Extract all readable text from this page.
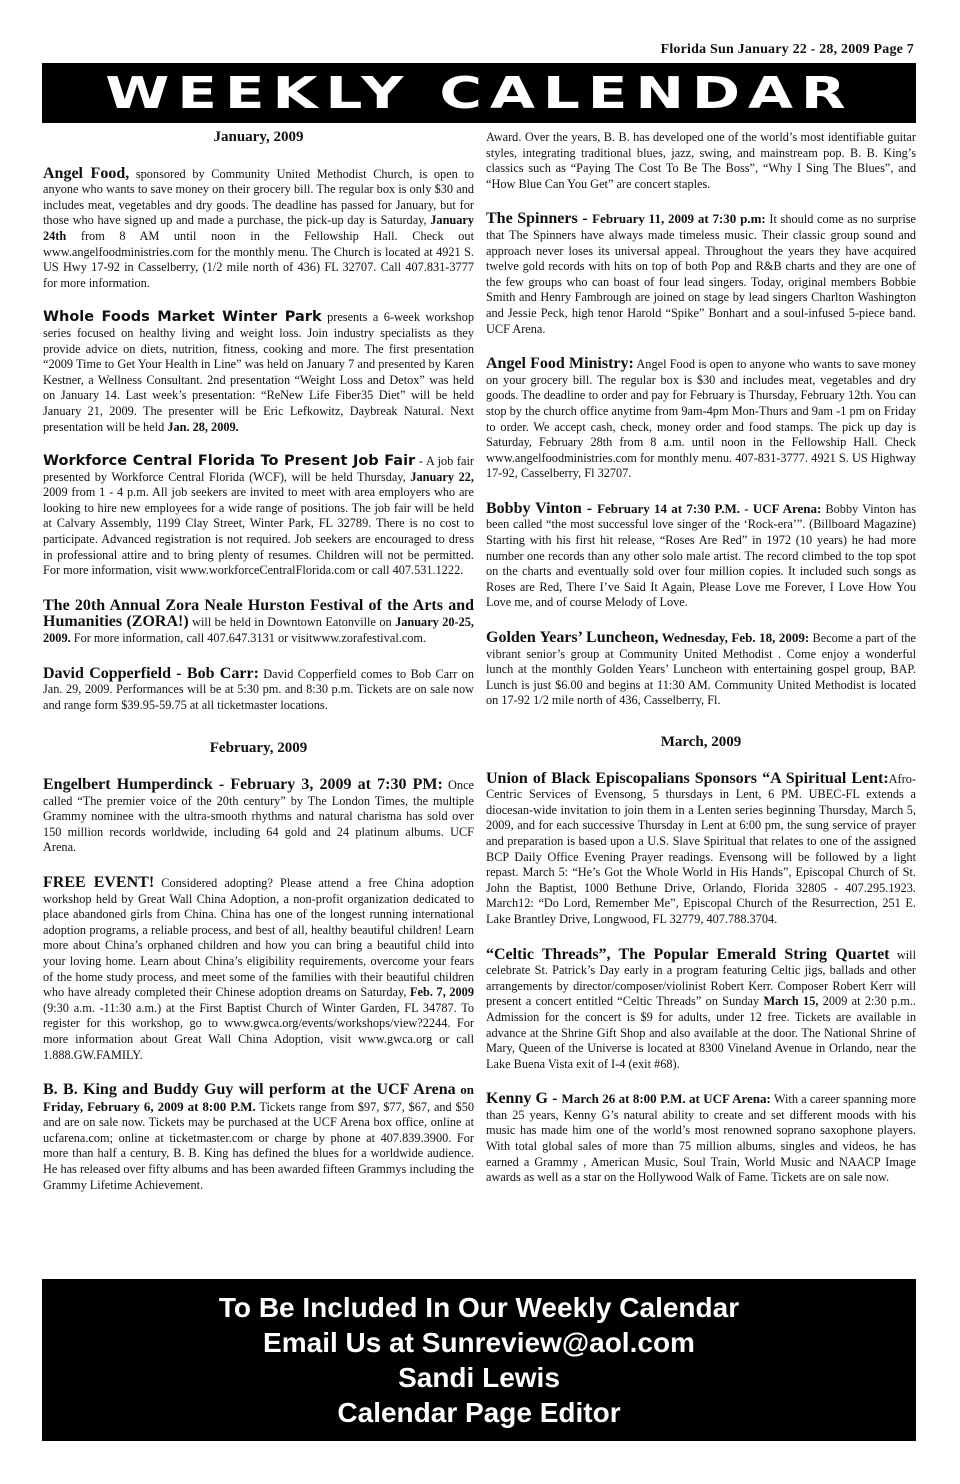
Florida Sun January 22 - 28, 2009 Page 7
WEEKLY CALENDAR
January, 2009

Angel Food, sponsored by Community United Methodist Church, is open to anyone who wants to save money on their grocery bill. The regular box is only $30 and includes meat, vegetables and dry goods. The deadline has passed for January, but for those who have signed up and made a purchase, the pick-up day is Saturday, January 24th from 8 AM until noon in the Fellowship Hall. Check out www.angelfoodministries.com for the monthly menu. The Church is located at 4921 S. US Hwy 17-92 in Casselberry, (1/2 mile north of 436) FL 32707. Call 407.831-3777 for more information.

Whole Foods Market Winter Park presents a 6-week workshop series focused on healthy living and weight loss. Join industry specialists as they provide advice on diets, nutrition, fitness, cooking and more. The first presentation “2009 Time to Get Your Health in Line” was held on January 7 and presented by Karen Kestner, a Wellness Consultant. 2nd presentation “Weight Loss and Detox” was held on January 14. Last week’s presentation: “ReNew Life Fiber35 Diet” will be held January 21, 2009. The presenter will be Eric Lefkowitz, Daybreak Natural. Next presentation will be held Jan. 28, 2009.

Workforce Central Florida To Present Job Fair - A job fair presented by Workforce Central Florida (WCF), will be held Thursday, January 22, 2009 from 1 - 4 p.m. All job seekers are invited to meet with area employers who are looking to hire new employees for a wide range of positions. The job fair will be held at Calvary Assembly, 1199 Clay Street, Winter Park, FL 32789. There is no cost to participate. Advanced registration is not required. Job seekers are encouraged to dress in professional attire and to bring plenty of resumes. Children will not be permitted. For more information, visit www.workforceCentralFlorida.com or call 407.531.1222.

The 20th Annual Zora Neale Hurston Festival of the Arts and Humanities (ZORA!) will be held in Downtown Eatonville on January 20-25, 2009. For more information, call 407.647.3131 or visitwww.zorafestival.com.

David Copperfield - Bob Carr: David Copperfield comes to Bob Carr on Jan. 29, 2009. Performances will be at 5:30 pm. and 8:30 p.m. Tickets are on sale now and range form $39.95-59.75 at all ticketmaster locations.

February, 2009

Engelbert Humperdinck - February 3, 2009 at 7:30 PM: Once called “The premier voice of the 20th century” by The London Times, the multiple Grammy nominee with the ultra-smooth rhythms and natural charisma has sold over 150 million records worldwide, including 64 gold and 24 platinum albums. UCF Arena.

FREE EVENT! Considered adopting? Please attend a free China adoption workshop held by Great Wall China Adoption, a non-profit organization dedicated to place abandoned girls from China. China has one of the longest running international adoption programs, a reliable process, and best of all, healthy beautiful children! Learn more about China’s orphaned children and how you can bring a beautiful child into your loving home. Learn about China’s eligibility requirements, overcome your fears of the home study process, and meet some of the families with their beautiful children who have already completed their Chinese adoption dreams on Saturday, Feb. 7, 2009 (9:30 a.m. -11:30 a.m.) at the First Baptist Church of Winter Garden, FL 34787. To register for this workshop, go to www.gwca.org/events/workshops/view?2244. For more information about Great Wall China Adoption, visit www.gwca.org or call 1.888.GW.FAMILY.

B. B. King and Buddy Guy will perform at the UCF Arena on Friday, February 6, 2009 at 8:00 P.M. Tickets range from $97, $77, $67, and $50 and are on sale now. Tickets may be purchased at the UCF Arena box office, online at ucfarena.com; online at ticketmaster.com or charge by phone at 407.839.3900. For more than half a century, B. B. King has defined the blues for a worldwide audience. He has released over fifty albums and has been awarded fifteen Grammys including the Grammy Lifetime Achievement.

Award. Over the years, B. B. has developed one of the world’s most identifiable guitar styles, integrating traditional blues, jazz, swing, and mainstream pop. B. B. King’s classics such as “Paying The Cost To Be The Boss”, “Why I Sing The Blues”, and “How Blue Can You Get” are concert staples.

The Spinners - February 11, 2009 at 7:30 p.m: It should come as no surprise that The Spinners have always made timeless music. Their classic group sound and approach never loses its universal appeal. Throughout the years they have acquired twelve gold records with hits on top of both Pop and R&B charts and they are one of the few groups who can boast of four lead singers. Today, original members Bobbie Smith and Henry Fambrough are joined on stage by lead singers Charlton Washington and Jessie Peck, high tenor Harold “Spike” Bonhart and a soul-infused 5-piece band. UCF Arena.

Angel Food Ministry: Angel Food is open to anyone who wants to save money on your grocery bill. The regular box is $30 and includes meat, vegetables and dry goods. The deadline to order and pay for February is Thursday, February 12th. You can stop by the church office anytime from 9am-4pm Mon-Thurs and 9am -1 pm on Friday to order. We accept cash, check, money order and food stamps. The pick up day is Saturday, February 28th from 8 a.m. until noon in the Fellowship Hall. Check www.angelfoodministries.com for monthly menu. 407-831-3777. 4921 S. US Highway 17-92, Casselberry, Fl 32707.

Bobby Vinton - February 14 at 7:30 P.M. - UCF Arena: Bobby Vinton has been called “the most successful love singer of the ‘Rock-era’”. (Billboard Magazine) Starting with his first hit release, “Roses Are Red” in 1972 (10 years) he had more number one records than any other solo male artist. The record climbed to the top spot on the charts and eventually sold over four million copies. It included such songs as Roses are Red, There I’ve Said It Again, Please Love me Forever, I Love How You Love me, and of course Melody of Love.

Golden Years’ Luncheon, Wednesday, Feb. 18, 2009: Become a part of the vibrant senior’s group at Community United Methodist . Come enjoy a wonderful lunch at the monthly Golden Years’ Luncheon with entertaining gospel group, BAP. Lunch is just $6.00 and begins at 11:30 AM. Community United Methodist is located on 17-92 1/2 mile north of 436, Casselberry, Fl.

March, 2009

Union of Black Episcopalians Sponsors “A Spiritual Lent:Afro-Centric Services of Evensong, 5 thursdays in Lent, 6 PM. UBEC-FL extends a diocesan-wide invitation to join them in a Lenten series beginning Thursday, March 5, 2009, and for each successive Thursday in Lent at 6:00 pm, the sung service of prayer and preparation is based upon a U.S. Slave Spiritual that relates to one of the assigned BCP Daily Office Evening Prayer readings. Evensong will be followed by a light repast. March 5: “He’s Got the Whole World in His Hands”, Episcopal Church of St. John the Baptist, 1000 Bethune Drive, Orlando, Florida 32805 - 407.295.1923. March12: “Do Lord, Remember Me”, Episcopal Church of the Resurrection, 251 E. Lake Brantley Drive, Longwood, FL 32779, 407.788.3704.

“Celtic Threads”, The Popular Emerald String Quartet will celebrate St. Patrick’s Day early in a program featuring Celtic jigs, ballads and other arrangements by director/composer/violinist Robert Kerr. Composer Robert Kerr will present a concert entitled “Celtic Threads” on Sunday March 15, 2009 at 2:30 p.m.. Admission for the concert is $9 for adults, under 12 free. Tickets are available in advance at the Shrine Gift Shop and also available at the door. The National Shrine of Mary, Queen of the Universe is located at 8300 Vineland Avenue in Orlando, near the Lake Buena Vista exit of I-4 (exit #68).

Kenny G - March 26 at 8:00 P.M. at UCF Arena: With a career spanning more than 25 years, Kenny G’s natural ability to create and set different moods with his music has made him one of the world’s most renowned soprano saxophone players. With total global sales of more than 75 million albums, singles and videos, he has earned a Grammy , American Music, Soul Train, World Music and NAACP Image awards as well as a star on the Hollywood Walk of Fame. Tickets are on sale now.

To Be Included In Our Weekly Calendar
Email Us at Sunreview@aol.com
Sandi Lewis
Calendar Page Editor
